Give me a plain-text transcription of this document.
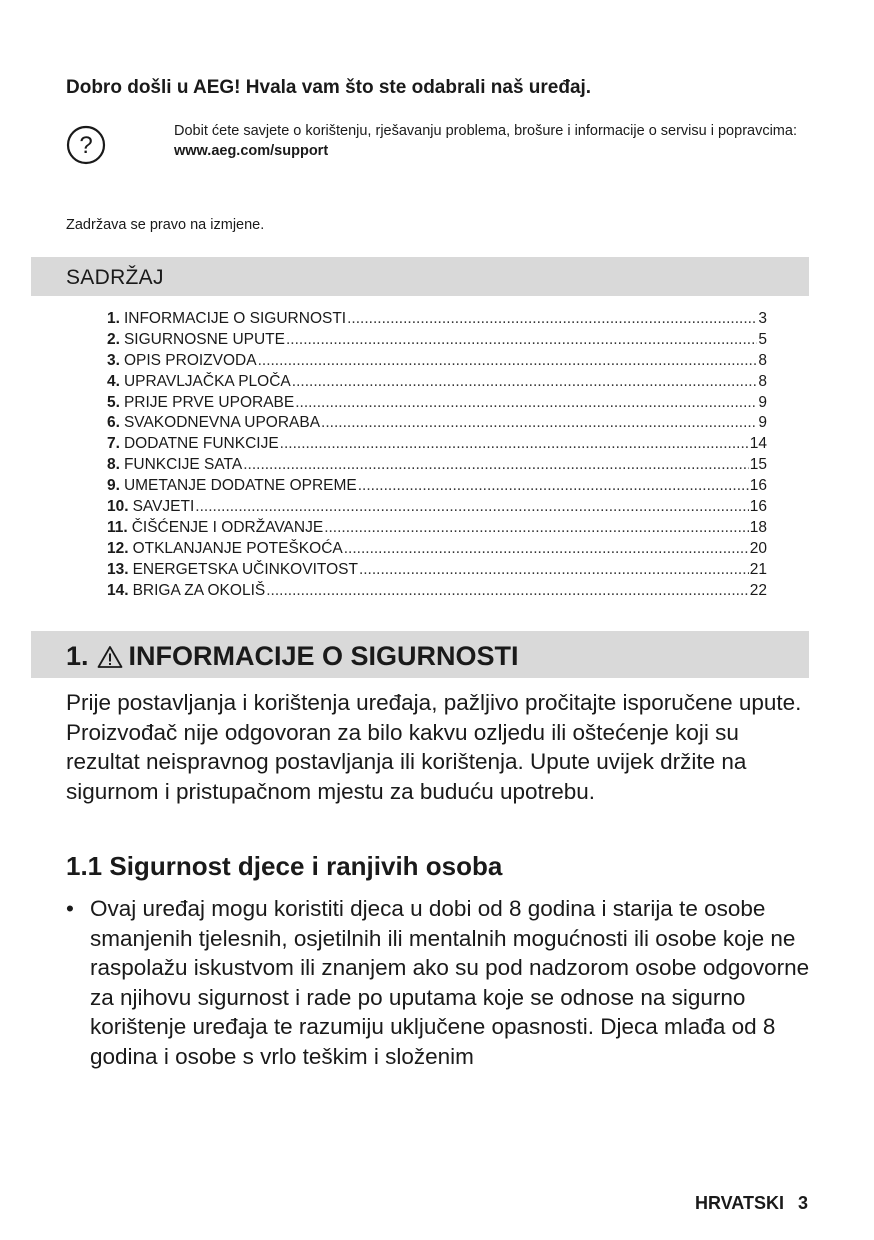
Dobro došli u AEG! Hvala vam što ste odabrali naš uređaj.
?
Dobit ćete savjete o korištenju, rješavanju problema, brošure i informacije o servisu i popravcima:
www.aeg.com/support
Zadržava se pravo na izmjene.
SADRŽAJ
1. INFORMACIJE O SIGURNOSTI .....	3
2. SIGURNOSNE UPUTE .....	5
3. OPIS PROIZVODA .....	8
4. UPRAVLJAČKA PLOČA .....	8
5. PRIJE PRVE UPORABE .....	9
6. SVAKODNEVNA UPORABA .....	9
7. DODATNE FUNKCIJE .....	14
8. FUNKCIJE SATA .....	15
9. UMETANJE DODATNE OPREME .....	16
10. SAVJETI .....	16
11. ČIŠĆENJE I ODRŽAVANJE .....	18
12. OTKLANJANJE POTEŠKOĆA .....	20
13. ENERGETSKA UČINKOVITOST .....	21
14. BRIGA ZA OKOLIŠ .....	22
1. INFORMACIJE O SIGURNOSTI
Prije postavljanja i korištenja uređaja, pažljivo pročitajte isporučene upute. Proizvođač nije odgovoran za bilo kakvu ozljedu ili oštećenje koji su rezultat neispravnog postavljanja ili korištenja. Upute uvijek držite na sigurnom i pristupačnom mjestu za buduću upotrebu.
1.1 Sigurnost djece i ranjivih osoba
• Ovaj uređaj mogu koristiti djeca u dobi od 8 godina i starija te osobe smanjenih tjelesnih, osjetilnih ili mentalnih mogućnosti ili osobe koje ne raspolažu iskustvom ili znanjem ako su pod nadzorom osobe odgovorne za njihovu sigurnost i rade po uputama koje se odnose na sigurno korištenje uređaja te razumiju uključene opasnosti. Djeca mlađa od 8 godina i osobe s vrlo teškim i složenim
HRVATSKI 3
